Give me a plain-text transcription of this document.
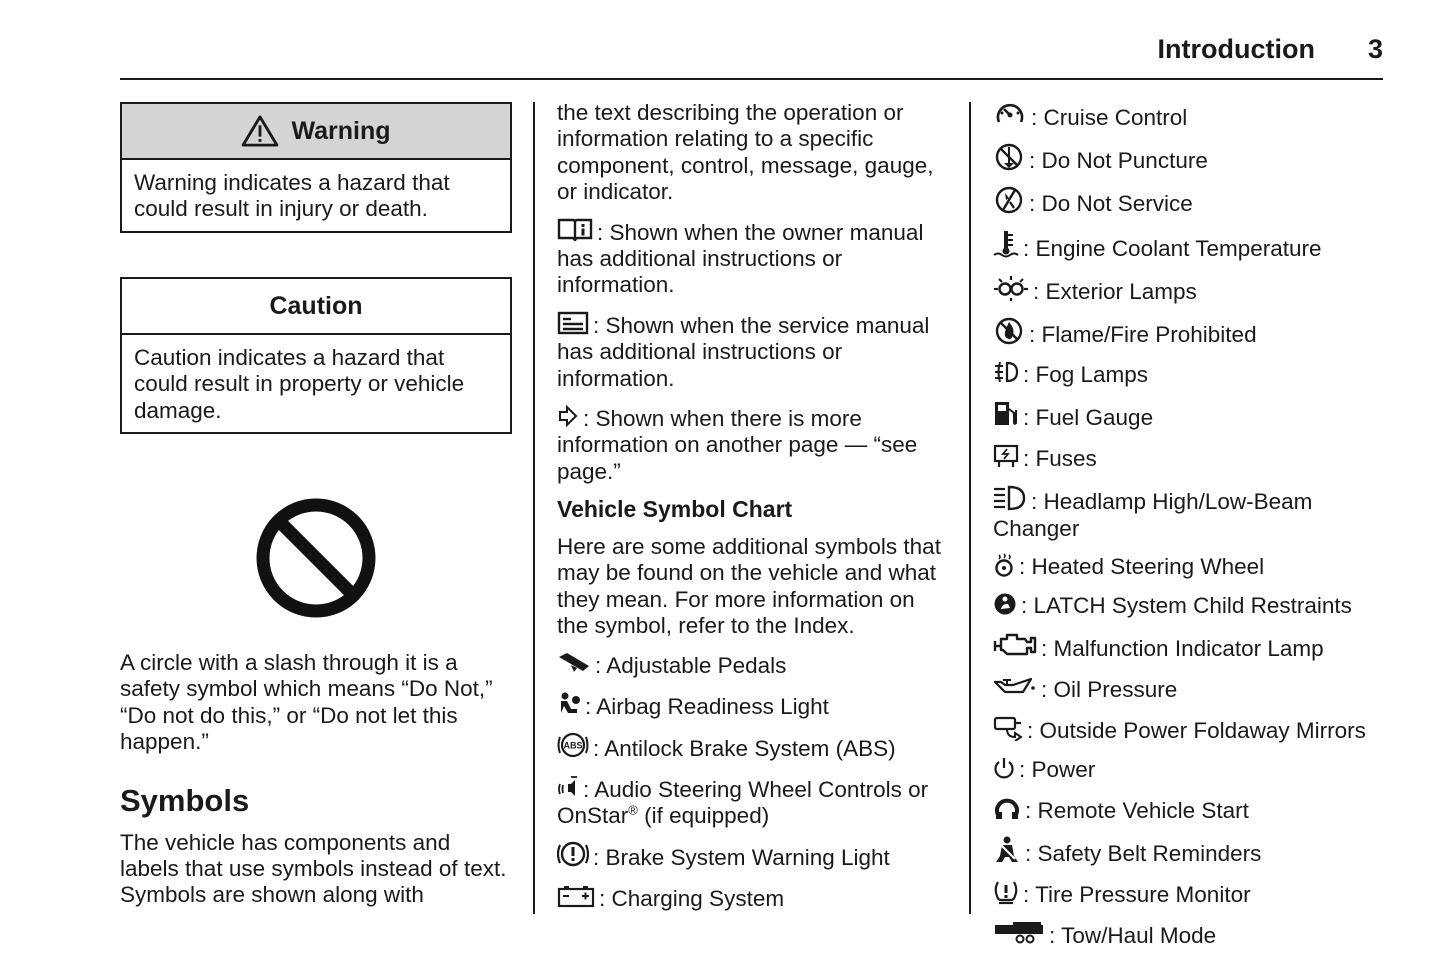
Introduction 3
Warning
Warning indicates a hazard that could result in injury or death.
Caution
Caution indicates a hazard that could result in property or vehicle damage.

A circle with a slash through it is a safety symbol which means “Do Not,” “Do not do this,” or “Do not let this happen.”

Symbols

The vehicle has components and labels that use symbols instead of text. Symbols are shown along with

the text describing the operation or information relating to a specific component, control, message, gauge, or indicator.

: Shown when the owner manual has additional instructions or information.

: Shown when the service manual has additional instructions or information.

: Shown when there is more information on another page — “see page.”

Vehicle Symbol Chart

Here are some additional symbols that may be found on the vehicle and what they mean. For more information on the symbol, refer to the Index.

: Adjustable Pedals

: Airbag Readiness Light

ABS : Antilock Brake System (ABS)

: Audio Steering Wheel Controls or OnStar® (if equipped)

: Brake System Warning Light

: Charging System

: Cruise Control

: Do Not Puncture

: Do Not Service

: Engine Coolant Temperature

: Exterior Lamps

: Flame/Fire Prohibited

: Fog Lamps

: Fuel Gauge

: Fuses

: Headlamp High/Low-Beam Changer

: Heated Steering Wheel

: LATCH System Child Restraints

: Malfunction Indicator Lamp

: Oil Pressure

: Outside Power Foldaway Mirrors

: Power

: Remote Vehicle Start

: Safety Belt Reminders

: Tire Pressure Monitor

: Tow/Haul Mode
